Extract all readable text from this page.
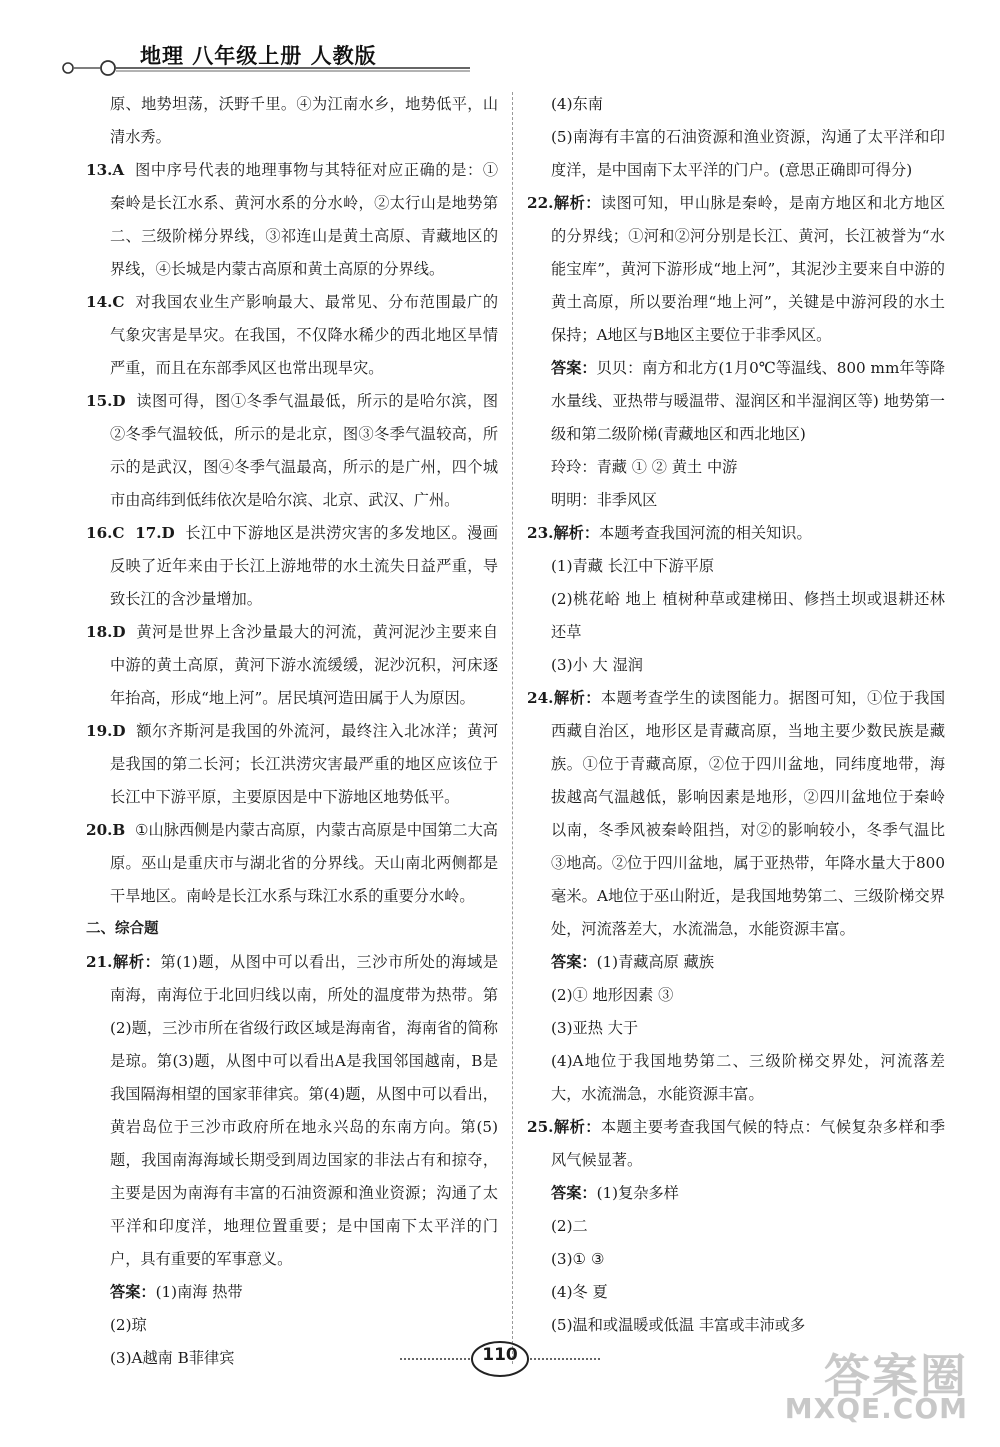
地理 八年级上册 人教版

原、地势坦荡，沃野千里。④为江南水乡，地势低平，山清水秀。

13.A 图中序号代表的地理事物与其特征对应正确的是：①秦岭是长江水系、黄河水系的分水岭，②太行山是地势第二、三级阶梯分界线，③祁连山是黄土高原、青藏地区的界线，④长城是内蒙古高原和黄土高原的分界线。

14.C 对我国农业生产影响最大、最常见、分布范围最广的气象灾害是旱灾。在我国，不仅降水稀少的西北地区旱情严重，而且在东部季风区也常出现旱灾。

15.D 读图可得，图①冬季气温最低，所示的是哈尔滨，图②冬季气温较低，所示的是北京，图③冬季气温较高，所示的是武汉，图④冬季气温最高，所示的是广州，四个城市由高纬到低纬依次是哈尔滨、北京、武汉、广州。

16.C 17.D 长江中下游地区是洪涝灾害的多发地区。漫画反映了近年来由于长江上游地带的水土流失日益严重，导致长江的含沙量增加。

18.D 黄河是世界上含沙量最大的河流，黄河泥沙主要来自中游的黄土高原，黄河下游水流缓缓，泥沙沉积，河床逐年抬高，形成“地上河”。居民填河造田属于人为原因。

19.D 额尔齐斯河是我国的外流河，最终注入北冰洋；黄河是我国的第二长河；长江洪涝灾害最严重的地区应该位于长江中下游平原，主要原因是中下游地区地势低平。

20.B ①山脉西侧是内蒙古高原，内蒙古高原是中国第二大高原。巫山是重庆市与湖北省的分界线。天山南北两侧都是干旱地区。南岭是长江水系与珠江水系的重要分水岭。

二、综合题

21.解析：第(1)题，从图中可以看出，三沙市所处的海域是南海，南海位于北回归线以南，所处的温度带为热带。第(2)题，三沙市所在省级行政区域是海南省，海南省的简称是琼。第(3)题，从图中可以看出A是我国邻国越南，B是我国隔海相望的国家菲律宾。第(4)题，从图中可以看出，黄岩岛位于三沙市政府所在地永兴岛的东南方向。第(5)题，我国南海海域长期受到周边国家的非法占有和掠夺，主要是因为南海有丰富的石油资源和渔业资源；沟通了太平洋和印度洋，地理位置重要；是中国南下太平洋的门户，具有重要的军事意义。

答案：(1)南海 热带

(2)琼

(3)A越南 B菲律宾

(4)东南

(5)南海有丰富的石油资源和渔业资源，沟通了太平洋和印度洋，是中国南下太平洋的门户。(意思正确即可得分)

22.解析：读图可知，甲山脉是秦岭，是南方地区和北方地区的分界线；①河和②河分别是长江、黄河，长江被誉为“水能宝库”，黄河下游形成“地上河”，其泥沙主要来自中游的黄土高原，所以要治理“地上河”，关键是中游河段的水土保持；A地区与B地区主要位于非季风区。

答案：贝贝：南方和北方(1月0℃等温线、800 mm年等降水量线、亚热带与暖温带、湿润区和半湿润区等) 地势第一级和第二级阶梯(青藏地区和西北地区)

玲玲：青藏 ① ② 黄土 中游

明明：非季风区

23.解析：本题考查我国河流的相关知识。

(1)青藏 长江中下游平原

(2)桃花峪 地上 植树种草或建梯田、修挡土坝或退耕还林还草

(3)小 大 湿润

24.解析：本题考查学生的读图能力。据图可知，①位于我国西藏自治区，地形区是青藏高原，当地主要少数民族是藏族。①位于青藏高原，②位于四川盆地，同纬度地带，海拔越高气温越低，影响因素是地形，②四川盆地位于秦岭以南，冬季风被秦岭阻挡，对②的影响较小，冬季气温比③地高。②位于四川盆地，属于亚热带，年降水量大于800毫米。A地位于巫山附近，是我国地势第二、三级阶梯交界处，河流落差大，水流湍急，水能资源丰富。

答案：(1)青藏高原 藏族

(2)① 地形因素 ③

(3)亚热 大于

(4)A地位于我国地势第二、三级阶梯交界处，河流落差大，水流湍急，水能资源丰富。

25.解析：本题主要考查我国气候的特点：气候复杂多样和季风气候显著。

答案：(1)复杂多样

(2)二

(3)① ③

(4)冬 夏

(5)温和或温暖或低温 丰富或丰沛或多

110	答案圈
MXQE.COM
